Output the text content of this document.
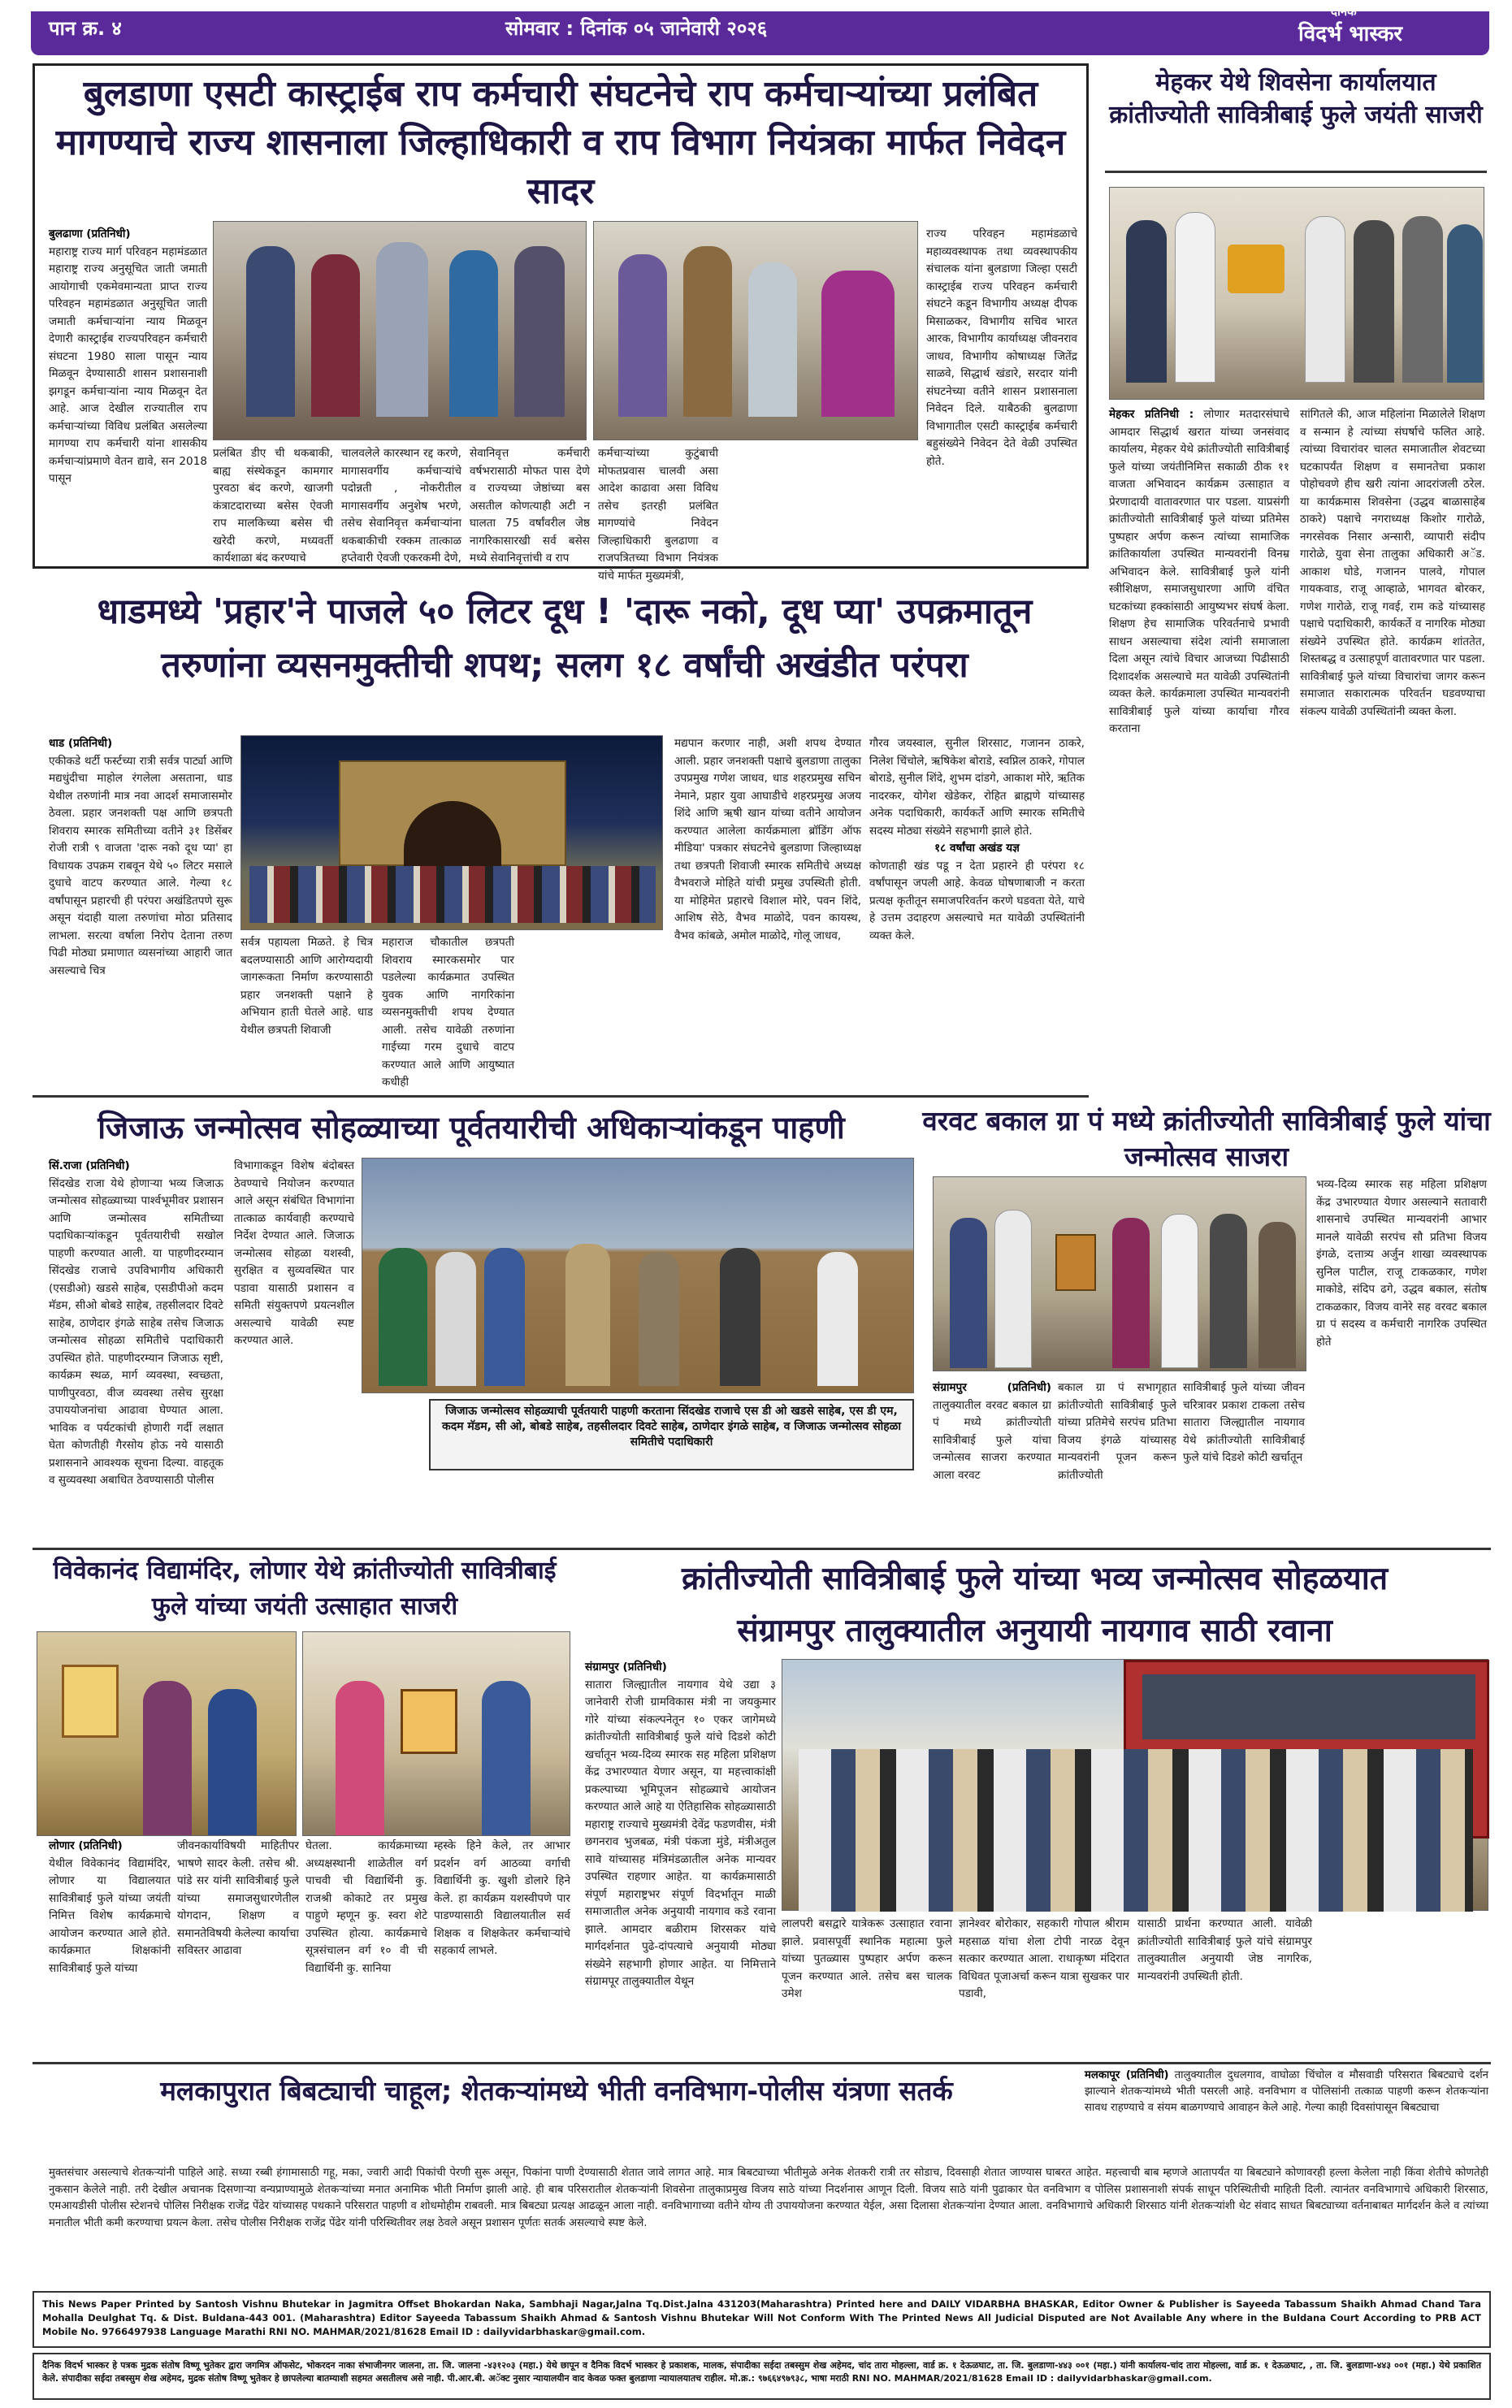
पान क्र. ४	सोमवार : दिनांक ०५ जानेवारी २०२६
दैनिक
विदर्भ भास्कर
बुलडाणा एसटी कास्ट्राईब राप कर्मचारी संघटनेचे राप कर्मचाऱ्यांच्या प्रलंबित मागण्याचे राज्य शासनाला जिल्हाधिकारी व राप विभाग नियंत्रका मार्फत निवेदन सादर
बुलढाणा (प्रतिनिधी)
महाराष्ट्र राज्य मार्ग परिवहन महामंडळात महाराष्ट्र राज्य अनुसूचित जाती जमाती आयोगाची एकमेवमान्यता प्राप्त राज्य परिवहन महामंडळात अनुसूचित जाती जमाती कर्मचाऱ्यांना न्याय मिळवून देणारी कास्ट्राईब राज्यपरिवहन कर्मचारी संघटना 1980 साला पासून न्याय मिळवून देण्यासाठी शासन प्रशासनाशी झगडून कर्मचाऱ्यांना न्याय मिळवून देत आहे. आज देखील राज्यातील राप कर्मचाऱ्यांच्या विविध प्रलंबित असलेल्या मागण्या राप कर्मचारी यांना शासकीय कर्मचाऱ्यांप्रमाणे वेतन द्यावे, सन 2018 पासून
प्रलंबित डीए ची थकबाकी, बाह्य संस्थेकडून कामगार पुरवठा बंद करणे, खाजगी कंत्राटदाराच्या बसेस ऐवजी राप मालकिच्या बसेस ची खरेदी करणे, मध्यवर्ती कार्यशाळा बंद करण्याचे
चालवलेले कारस्थान रद्द करणे, मागासवर्गीय कर्मचाऱ्यांचे पदोन्नती , नोकरीतील मागासवर्गीय अनुशेष भरणे, तसेच सेवानिवृत्त कर्मचाऱ्यांना थकबाकीची रक्कम तात्काळ हप्तेवारी ऐवजी एकरकमी देणे,
सेवानिवृत्त कर्मचारी वर्षभरासाठी मोफत पास देणे व राज्यच्या जेष्ठांच्या बस असतील कोणत्याही अटी न घालता 75 वर्षांवरील जेष्ठ नागरिकासारखी सर्व बसेस मध्ये सेवानिवृत्तांची व राप
कर्मचाऱ्यांच्या कुटुंबाची मोफतप्रवास चालवी असा आदेश काढावा असा विविध तसेच इतरही प्रलंबित मागण्यांचे निवेदन जिल्हाधिकारी बुलढाणा व राजपत्रितच्या विभाग नियंत्रक यांचे मार्फत मुख्यमंत्री,
राज्य परिवहन महामंडळाचे महाव्यवस्थापक तथा व्यवस्थापकीय संचालक यांना बुलडाणा जिल्हा एसटी कास्ट्राईब राज्य परिवहन कर्मचारी संघटने कडून विभागीय अध्यक्ष दीपक मिसाळकर, विभागीय सचिव भारत आरक, विभागीय कार्याध्यक्ष जीवनराव जाधव, विभागीय कोषाध्यक्ष जितेंद्र साळवे, सिद्धार्थ खंडारे, सरदार यांनी संघटनेच्या वतीने शासन प्रशासनाला निवेदन दिले. याबैठकी बुलढाणा विभागातील एसटी कास्ट्राईब कर्मचारी बहुसंख्येने निवेदन देते वेळी उपस्थित होते.
मेहकर येथे शिवसेना कार्यालयात क्रांतीज्योती सावित्रीबाई फुले जयंती साजरी
मेहकर प्रतिनिधी : लोणार मतदारसंघाचे आमदार सिद्धार्थ खरात यांच्या जनसंवाद कार्यालय, मेहकर येथे क्रांतीज्योती सावित्रीबाई फुले यांच्या जयंतीनिमित्त सकाळी ठीक ११ वाजता अभिवादन कार्यक्रम उत्साहात व प्रेरणादायी वातावरणात पार पडला. याप्रसंगी क्रांतीज्योती सावित्रीबाई फुले यांच्या प्रतिमेस पुष्पहार अर्पण करून त्यांच्या सामाजिक क्रांतिकार्याला उपस्थित मान्यवरांनी विनम्र अभिवादन केले. सावित्रीबाई फुले यांनी स्त्रीशिक्षण, समाजसुधारणा आणि वंचित घटकांच्या हक्कांसाठी आयुष्यभर संघर्ष केला. शिक्षण हेच सामाजिक परिवर्तनाचे प्रभावी साधन असल्याचा संदेश त्यांनी समाजाला दिला असून त्यांचे विचार आजच्या पिढीसाठी दिशादर्शक असल्याचे मत यावेळी उपस्थितांनी व्यक्त केले. कार्यक्रमाला उपस्थित मान्यवरांनी सावित्रीबाई फुले यांच्या कार्याचा गौरव करताना
सांगितले की, आज महिलांना मिळालेले शिक्षण व सन्मान हे त्यांच्या संघर्षाचे फलित आहे. त्यांच्या विचारांवर चालत समाजातील शेवटच्या घटकापर्यंत शिक्षण व समानतेचा प्रकाश पोहोचवणे हीच खरी त्यांना आदरांजली ठरेल. या कार्यक्रमास शिवसेना (उद्धव बाळासाहेब ठाकरे) पक्षाचे नगराध्यक्ष किशोर गारोळे, नगरसेवक निसार अन्सारी, व्यापारी संदीप गारोळे, युवा सेना तालुका अधिकारी अॅड. आकाश घोडे, गजानन पालवे, गोपाल गायकवाड, राजू आव्हाळे, भागवत बोरकर, गणेश गारोळे, राजू गवई, राम कडे यांच्यासह पक्षाचे पदाधिकारी, कार्यकर्ते व नागरिक मोठ्या संख्येने उपस्थित होते. कार्यक्रम शांततेत, शिस्तबद्ध व उत्साहपूर्ण वातावरणात पार पडला. सावित्रीबाई फुले यांच्या विचारांचा जागर करून समाजात सकारात्मक परिवर्तन घडवण्याचा संकल्प यावेळी उपस्थितांनी व्यक्त केला.
धाडमध्ये 'प्रहार'ने पाजले ५० लिटर दूध ! 'दारू नको, दूध प्या' उपक्रमातून
तरुणांना व्यसनमुक्तीची शपथ; सलग १८ वर्षांची अखंडीत परंपरा
धाड (प्रतिनिधी)
एकीकडे थर्टी फर्स्टच्या रात्री सर्वत्र पार्ट्या आणि मद्यधुंदीचा माहोल रंगलेला असताना, धाड येथील तरुणांनी मात्र नवा आदर्श समाजासमोर ठेवला. प्रहार जनशक्ती पक्ष आणि छत्रपती शिवराय स्मारक समितीच्या वतीने ३१ डिसेंबर रोजी रात्री ९ वाजता 'दारू नको दूध प्या' हा विधायक उपक्रम राबवून येथे ५० लिटर मसाले दुधाचे वाटप करण्यात आले. गेल्या १८ वर्षांपासून प्रहारची ही परंपरा अखंडितपणे सुरू असून यंदाही याला तरुणांचा मोठा प्रतिसाद लाभला. सरत्या वर्षाला निरोप देताना तरुण पिढी मोठ्या प्रमाणात व्यसनांच्या आहारी जात असल्याचे चित्र
सर्वत्र पहायला मिळते. हे चित्र बदलण्यासाठी आणि आरोग्यदायी जागरूकता निर्माण करण्यासाठी प्रहार जनशक्ती पक्षाने हे अभियान हाती घेतले आहे. धाड येथील छत्रपती शिवाजी
महाराज चौकातील छत्रपती शिवराय स्मारकसमोर पार पडलेल्या कार्यक्रमात उपस्थित युवक आणि नागरिकांना व्यसनमुक्तीची शपथ देण्यात आली. तसेच यावेळी तरुणांना गाईच्या गरम दुधाचे वाटप करण्यात आले आणि आयुष्यात कधीही
मद्यपान करणार नाही, अशी शपथ देण्यात आली. प्रहार जनशक्ती पक्षाचे बुलडाणा तालुका उपप्रमुख गणेश जाधव, धाड शहरप्रमुख सचिन नेमाने, प्रहार युवा आघाडीचे शहरप्रमुख अजय शिंदे आणि ऋषी खान यांच्या वतीने आयोजन करण्यात आलेला कार्यक्रमाला ब्रॉडिंग ऑफ मीडिया' पत्रकार संघटनेचे बुलडाणा जिल्हाध्यक्ष तथा छत्रपती शिवाजी स्मारक समितीचे अध्यक्ष वैभवराजे मोहिते यांची प्रमुख उपस्थिती होती. या मोहिमेत प्रहारचे विशाल मोरे, पवन शिंदे, आशिष सेठे, वैभव माळोदे, पवन कायस्थ, वैभव कांबळे, अमोल माळोदे, गोलू जाधव,
गौरव जयस्वाल, सुनील शिरसाट, गजानन ठाकरे, निलेश चिंचोले, ऋषिकेश बोराडे, स्वप्निल ठाकरे, गोपाल बोराडे, सुनील शिंदे, शुभम दांडगे, आकाश मोरे, ऋतिक नादरकर, योगेश खेडेकर, रोहित ब्राह्मणे यांच्यासह अनेक पदाधिकारी, कार्यकर्ते आणि स्मारक समितीचे सदस्य मोठ्या संख्येने सहभागी झाले होते.

१८ वर्षांचा अखंड यज्ञ
कोणताही खंड पडू न देता प्रहारने ही परंपरा १८ वर्षांपासून जपली आहे. केवळ घोषणाबाजी न करता प्रत्यक्ष कृतीतून समाजपरिवर्तन करणे घडवता येते, याचे हे उत्तम उदाहरण असल्याचे मत यावेळी उपस्थितांनी व्यक्त केले.
जिजाऊ जन्मोत्सव सोहळ्याच्या पूर्वतयारीची अधिकाऱ्यांकडून पाहणी
सिं.राजा (प्रतिनिधी)
सिंदखेड राजा येथे होणाऱ्या भव्य जिजाऊ जन्मोत्सव सोहळ्याच्या पार्श्वभूमीवर प्रशासन आणि जन्मोत्सव समितीच्या पदाधिकाऱ्यांकडून पूर्वतयारीची सखोल पाहणी करण्यात आली. या पाहणीदरम्यान सिंदखेड राजाचे उपविभागीय अधिकारी (एसडीओ) खडसे साहेब, एसडीपीओ कदम मॅडम, सीओ बोबडे साहेब, तहसीलदार दिवटे साहेब, ठाणेदार इंगळे साहेब तसेच जिजाऊ जन्मोत्सव सोहळा समितीचे पदाधिकारी उपस्थित होते. पाहणीदरम्यान जिजाऊ सृष्टी, कार्यक्रम स्थळ, मार्ग व्यवस्था, स्वच्छता, पाणीपुरवठा, वीज व्यवस्था तसेच सुरक्षा उपाययोजनांचा आढावा घेण्यात आला. भाविक व पर्यटकांची होणारी गर्दी लक्षात घेता कोणतीही गैरसोय होऊ नये यासाठी प्रशासनाने आवश्यक सूचना दिल्या. वाहतूक व सुव्यवस्था अबाधित ठेवण्यासाठी पोलीस
विभागाकडून विशेष बंदोबस्त ठेवण्याचे नियोजन करण्यात आले असून संबंधित विभागांना तात्काळ कार्यवाही करण्याचे निर्देश देण्यात आले. जिजाऊ जन्मोत्सव सोहळा यशस्वी, सुरक्षित व सुव्यवस्थित पार पडावा यासाठी प्रशासन व समिती संयुक्तपणे प्रयत्नशील असल्याचे यावेळी स्पष्ट करण्यात आले.
जिजाऊ जन्मोत्सव सोहळ्याची पूर्वतयारी पाहणी करताना सिंदखेड राजाचे एस डी ओ खडसे साहेब, एस डी एम, कदम मॅडम, सी ओ, बोबडे साहेब, तहसीलदार दिवटे साहेब, ठाणेदार इंगळे साहेब, व जिजाऊ जन्मोत्सव सोहळा समितीचे पदाधिकारी
वरवट बकाल ग्रा पं मध्ये क्रांतीज्योती सावित्रीबाई फुले यांचा जन्मोत्सव साजरा
संग्रामपुर (प्रतिनिधी) तालुक्यातील वरवट बकाल ग्रा पं मध्ये क्रांतीज्योती सावित्रीबाई फुले यांचा जन्मोत्सव साजरा करण्यात आला वरवट
बकाल ग्रा पं सभागृहात क्रांतीज्योती सावित्रीबाई फुले यांच्या प्रतिमेचे सरपंच प्रतिभा विजय इंगळे यांच्यासह मान्यवरांनी पूजन करून क्रांतीज्योती
सावित्रीबाई फुले यांच्या जीवन चरित्रावर प्रकाश टाकला तसेच सातारा जिल्ह्यातील नायगाव येथे क्रांतीज्योती सावित्रीबाई फुले यांचे दिडशे कोटी खर्चातून
भव्य-दिव्य स्मारक सह महिला प्रशिक्षण केंद्र उभारण्यात येणार असल्याने सतावारी शासनाचे उपस्थित मान्यवरांनी आभार मानले यावेळी सरपंच सौ प्रतिभा विजय इंगळे, दत्तात्र्य अर्जुन शाखा व्यवस्थापक सुनिल पाटील, राजू टाकळकार, गणेश माकोडे, संदिप ढगे, उद्धव बकाल, संतोष टाकळकार, विजय वानेरे सह वरवट बकाल ग्रा पं सदस्य व कर्मचारी नागरिक उपस्थित होते
विवेकानंद विद्यामंदिर, लोणार येथे क्रांतीज्योती सावित्रीबाई फुले यांच्या जयंती उत्साहात साजरी
लोणार (प्रतिनिधी)
येथील विवेकानंद विद्यामंदिर, लोणार या विद्यालयात सावित्रीबाई फुले यांच्या जयंती निमित्त विशेष कार्यक्रमाचे आयोजन करण्यात आले होते. कार्यक्रमात शिक्षकांनी सावित्रीबाई फुले यांच्या
जीवनकार्याविषयी माहितीपर भाषणे सादर केली. तसेच श्री. पांडे सर यांनी सावित्रीबाई फुले यांच्या समाजसुधारणेतील योगदान, शिक्षण व समानतेविषयी केलेल्या कार्याचा सविस्तर आढावा
घेतला. कार्यक्रमाच्या अध्यक्षस्थानी शाळेतील वर्ग पाचवी ची विद्यार्थिनी कु. राजश्री कोकाटे तर प्रमुख पाहुणे म्हणून कु. स्वरा शेटे उपस्थित होत्या. कार्यक्रमाचे सूत्रसंचालन वर्ग १० वी ची विद्यार्थिनी कु. सानिया
म्हस्के हिने केले, तर आभार प्रदर्शन वर्ग आठव्या वर्गाची विद्यार्थिनी कु. खुशी डोलारे हिने केले. हा कार्यक्रम यशस्वीपणे पार पाडण्यासाठी विद्यालयातील सर्व शिक्षक व शिक्षकेतर कर्मचाऱ्यांचे सहकार्य लाभले.
क्रांतीज्योती सावित्रीबाई फुले यांच्या भव्य जन्मोत्सव सोहळयात
संग्रामपुर तालुक्यातील अनुयायी नायगाव साठी रवाना
संग्रामपुर (प्रतिनिधी)
सातारा जिल्ह्यातील नायगाव येथे उद्या ३ जानेवारी रोजी ग्रामविकास मंत्री ना जयकुमार गोरे यांच्या संकल्पनेतून १० एकर जागेमध्ये क्रांतीज्योती सावित्रीबाई फुले यांचे दिडशे कोटी खर्चातून भव्य-दिव्य स्मारक सह महिला प्रशिक्षण केंद्र उभारण्यात येणार असून, या महत्त्वाकांक्षी प्रकल्पाच्या भूमिपूजन सोहळ्याचे आयोजन करण्यात आले आहे या ऐतिहासिक सोहळ्यासाठी महाराष्ट्र राज्याचे मुख्यमंत्री देवेंद्र फडणवीस, मंत्री छगनराव भुजबळ, मंत्री पंकजा मुंडे, मंत्रीअतुल सावे यांच्यासह मंत्रिमंडळातील अनेक मान्यवर उपस्थित राहणार आहेत. या कार्यक्रमासाठी संपूर्ण महाराष्ट्रभर संपूर्ण विदर्भातून माळी समाजातील अनेक अनुयायी नायगाव कडे रवाना झाले. आमदार बळीराम शिरसकर यांचे मार्गदर्शनात पुढे-दांपत्याचे अनुयायी मोठ्या संख्येने सहभागी होणार आहेत. या निमित्ताने संग्रामपूर तालुक्यातील येथून
लालपरी बसद्वारे यात्रेकरू उत्साहात रवाना झाले. प्रवासपूर्वी स्थानिक महात्मा फुले यांच्या पुतळ्यास पुष्पहार अर्पण करून पूजन करण्यात आले. तसेच बस चालक उमेश
ज्ञानेश्वर बोरोकार, सहकारी गोपाल श्रीराम महसाळ यांचा शेला टोपी नारळ देवून सत्कार करण्यात आला. राधाकृष्ण मंदिरात विधिवत पूजाअर्चा करून यात्रा सुखकर पार पडावी,
यासाठी प्रार्थना करण्यात आली. यावेळी क्रांतीज्योती सावित्रीबाई फुले यांचे संग्रामपुर तालुक्यातील अनुयायी जेष्ठ नागरिक, मान्यवरांनी उपस्थिती होती.
मलकापुरात बिबट्याची चाहूल; शेतकऱ्यांमध्ये भीती वनविभाग-पोलीस यंत्रणा सतर्क	मलकापूर (प्रतिनिधी) तालुक्यातील दुधलगाव, वाघोळा चिंचोल व मौसवाडी परिसरात बिबट्याचे दर्शन झाल्याने शेतकऱ्यांमध्ये भीती पसरली आहे. वनविभाग व पोलिसांनी तत्काळ पाहणी करून शेतकऱ्यांना सावध राहण्याचे व संयम बाळगण्याचे आवाहन केले आहे. गेल्या काही दिवसांपासून बिबट्याचा
मुक्तसंचार असल्याचे शेतकऱ्यांनी पाहिले आहे. सध्या रब्बी हंगामासाठी गहू, मका, ज्वारी आदी पिकांची पेरणी सुरू असून, पिकांना पाणी देण्यासाठी शेतात जावे लागत आहे. मात्र बिबट्याच्या भीतीमुळे अनेक शेतकरी रात्री तर सोडाच, दिवसाही शेतात जाण्यास घाबरत आहेत. महत्त्वाची बाब म्हणजे आतापर्यंत या बिबट्याने कोणावरही हल्ला केलेला नाही किंवा शेतीचे कोणतेही नुकसान केलेले नाही. तरी देखील अचानक दिसणाऱ्या वन्यप्राण्यामुळे शेतकऱ्यांच्या मनात अनामिक भीती निर्माण झाली आहे. ही बाब परिसरातील शेतकऱ्यांनी शिवसेना तालुकाप्रमुख विजय साठे यांच्या निदर्शनास आणून दिली. विजय साठे यांनी पुढाकार घेत वनविभाग व पोलिस प्रशासनाशी संपर्क साधून परिस्थितीची माहिती दिली. त्यानंतर वनविभागाचे अधिकारी शिरसाठ, एमआयडीसी पोलीस स्टेशनचे पोलिस निरीक्षक राजेंद्र पेंढेर यांच्यासह पथकाने परिसरात पाहणी व शोधमोहीम राबवली. मात्र बिबट्या प्रत्यक्ष आढळून आला नाही. वनविभागाच्या वतीने योग्य ती उपाययोजना करण्यात येईल, असा दिलासा शेतकऱ्यांना देण्यात आला. वनविभागाचे अधिकारी शिरसाठ यांनी शेतकऱ्यांशी थेट संवाद साधत बिबट्याच्या वर्तनाबाबत मार्गदर्शन केले व त्यांच्या मनातील भीती कमी करण्याचा प्रयत्न केला. तसेच पोलीस निरीक्षक राजेंद्र पेंढेर यांनी परिस्थितीवर लक्ष ठेवले असून प्रशासन पूर्णतः सतर्क असल्याचे स्पष्ट केले.
This News Paper Printed by Santosh Vishnu Bhutekar in Jagmitra Offset Bhokardan Naka, Sambhaji Nagar,Jalna Tq.Dist.Jalna 431203(Maharashtra) Printed here and DAILY VIDARBHA BHASKAR, Editor Owner & Publisher is Sayeeda Tabassum Shaikh Ahmad Chand Tara Mohalla Deulghat Tq. & Dist. Buldana-443 001. (Maharashtra) Editor Sayeeda Tabassum Shaikh Ahmad & Santosh Vishnu Bhutekar Will Not Conform With The Printed News All Judicial Disputed are Not Available Any where in the Buldana Court According to PRB ACT Mobile No. 9766497938 Language Marathi RNI NO. MAHMAR/2021/81628 Email ID : dailyvidarbhaskar@gmail.com.
दैनिक विदर्भ भास्कर हे पत्रक मुद्रक संतोष विष्णू भुतेकर द्वारा जगमित्र ऑफसेट, भोकरदन नाका संभाजीनगर जालना, ता. जि. जालना -४३१२०३ (महा.) येथे छापून व दैनिक विदर्भ भास्कर हे प्रकाशक, मालक, संपादीका सईदा तबस्सुम शेख अहेमद, चांद तारा मोहल्ला, वार्ड क्र. १ देऊळघाट, ता. जि. बुलडाणा-४४३ ००१ (महा.) यांनी कार्यालय-चांद तारा मोहल्ला, वार्ड क्र. १ देऊळघाट, , ता. जि. बुलडाणा-४४३ ००१ (महा.) येथे प्रकाशित केले. संपादीका सईदा तबस्सुम शेख अहेमद, मुद्रक संतोष विष्णू भुतेकर हे छापलेल्या बातम्याशी सहमत असतीलच असे नाही. पी.आर.बी. अॅक्ट नुसार न्यायालयीन वाद केवळ फक्त बुलडाणा न्यायालयातच राहील. मो.क्र.: ९७६६४९७९३८, भाषा मराठी RNI NO. MAHMAR/2021/81628 Email ID : dailyvidarbhaskar@gmail.com.
